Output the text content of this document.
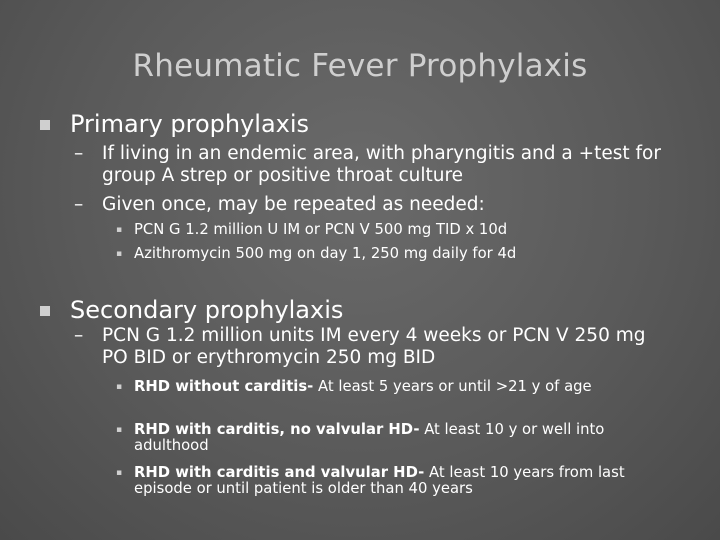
Rheumatic Fever Prophylaxis
Primary prophylaxis
–	If living in an endemic area, with pharyngitis and a +test for group A strep or positive throat culture
–	Given once, may be repeated as needed:
▪ PCN G 1.2 million U IM or PCN V 500 mg TID x 10d
▪ Azithromycin 500 mg on day 1, 250 mg daily for 4d
Secondary prophylaxis
–	PCN G 1.2 million units IM every 4 weeks or PCN V 250 mg PO BID or erythromycin 250 mg BID
▪ RHD without carditis- At least 5 years or until >21 y of age
▪ RHD with carditis, no valvular HD- At least 10 y or well into adulthood
▪ RHD with carditis and valvular HD- At least 10 years from last episode or until patient is older than 40 years
